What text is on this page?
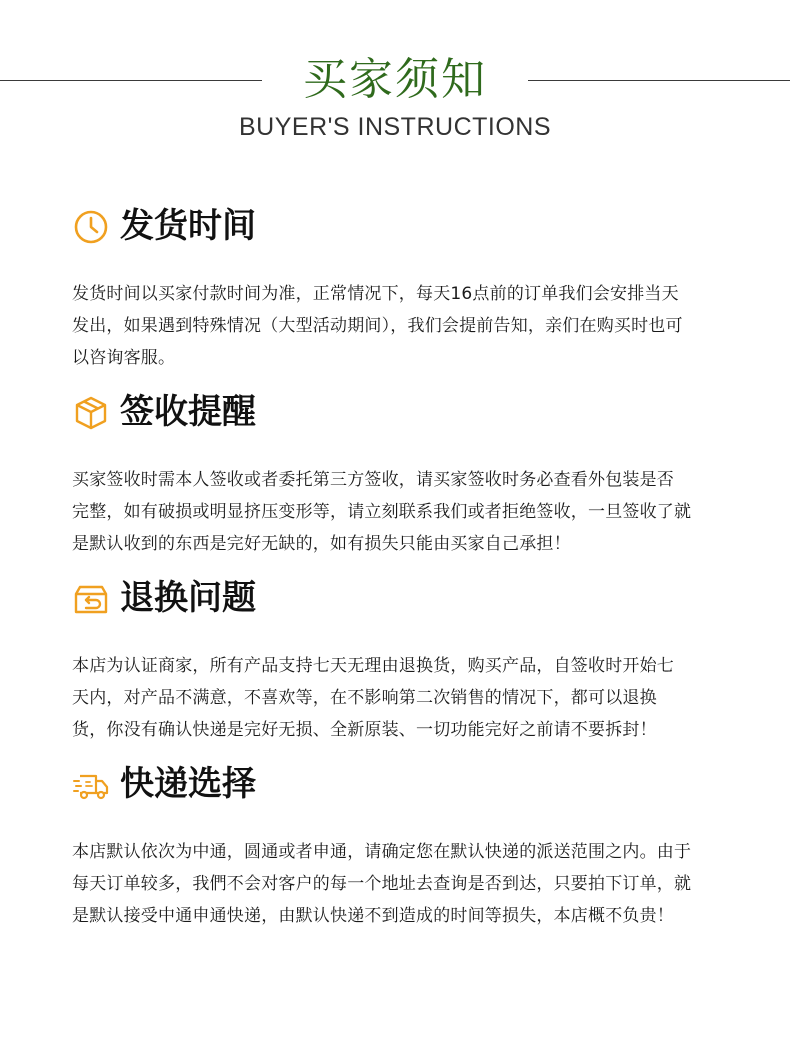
买家须知
BUYER'S INSTRUCTIONS
发货时间
发货时间以买家付款时间为准，正常情况下，每天16点前的订单我们会安排当天
发出，如果遇到特殊情况（大型活动期间），我们会提前告知，亲们在购买时也可
以咨询客服。
签收提醒
买家签收时需本人签收或者委托第三方签收，请买家签收时务必查看外包装是否
完整，如有破损或明显挤压变形等，请立刻联系我们或者拒绝签收，一旦签收了就
是默认收到的东西是完好无缺的，如有损失只能由买家自己承担！
退换问题
本店为认证商家，所有产品支持七天无理由退换货，购买产品，自签收时开始七
天内，对产品不满意，不喜欢等，在不影响第二次销售的情况下，都可以退换
货，你没有确认快递是完好无损、全新原装、一切功能完好之前请不要拆封！
快递选择
本店默认依次为中通，圆通或者申通，请确定您在默认快递的派送范围之内。由于
每天订单较多，我們不会对客户的每一个地址去查询是否到达，只要拍下订单，就
是默认接受中通申通快递，由默认快递不到造成的时间等损失，本店概不负贵！
